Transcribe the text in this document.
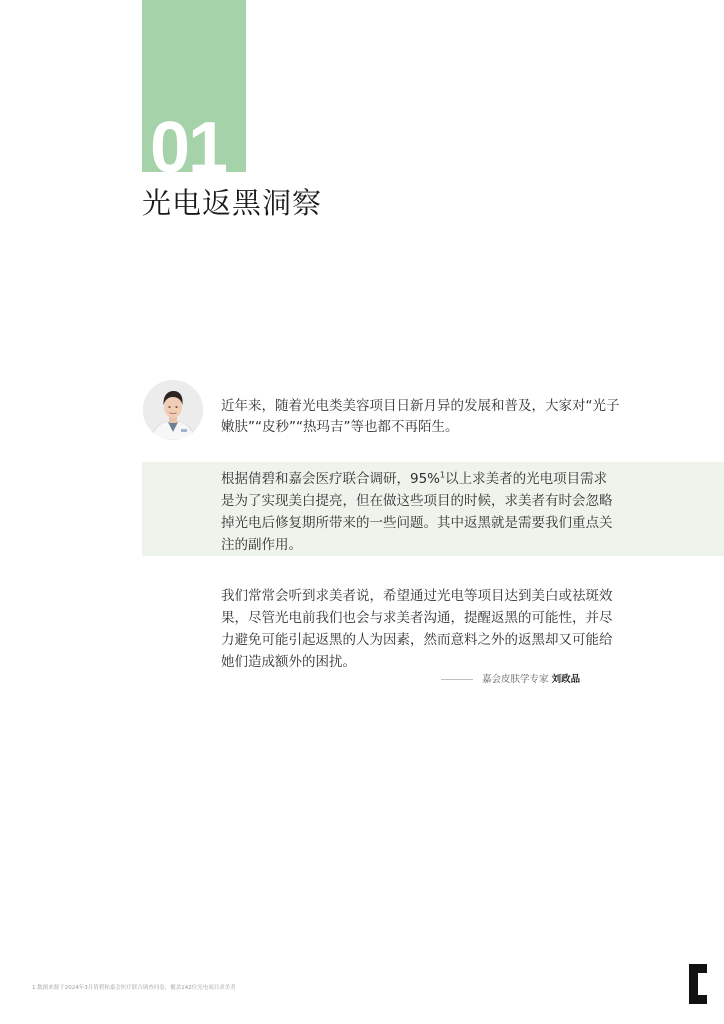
01
光电返黑洞察
近年来，随着光电类美容项目日新月异的发展和普及，大家对“光子嫩肤”“皮秒”“热玛吉”等也都不再陌生。
根据倩碧和嘉会医疗联合调研，95%$^1$以上求美者的光电项目需求是为了实现美白提亮，但在做这些项目的时候，求美者有时会忽略掉光电后修复期所带来的一些问题。其中返黑就是需要我们重点关注的副作用。
我们常常会听到求美者说，希望通过光电等项目达到美白或祛斑效果，尽管光电前我们也会与求美者沟通，提醒返黑的可能性，并尽力避免可能引起返黑的人为因素，然而意料之外的返黑却又可能给她们造成额外的困扰。
嘉会皮肤学专家 刘政品
1.数据来源于2024年3月倩碧和嘉会医疗联合调查问卷，覆盖142位光电项目求美者
